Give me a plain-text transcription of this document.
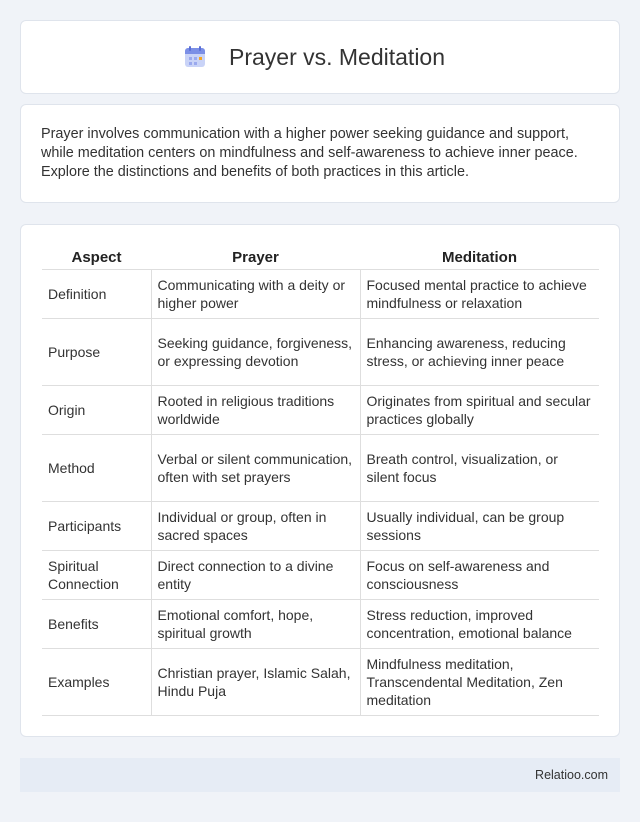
Prayer vs. Meditation

Prayer involves communication with a higher power seeking guidance and support, while meditation centers on mindfulness and self-awareness to achieve inner peace. Explore the distinctions and benefits of both practices in this article.

Aspect	Prayer	Meditation
Definition	Communicating with a deity or higher power	Focused mental practice to achieve mindfulness or relaxation
Purpose	Seeking guidance, forgiveness, or expressing devotion	Enhancing awareness, reducing stress, or achieving inner peace
Origin	Rooted in religious traditions worldwide	Originates from spiritual and secular practices globally
Method	Verbal or silent communication, often with set prayers	Breath control, visualization, or silent focus
Participants	Individual or group, often in sacred spaces	Usually individual, can be group sessions
Spiritual Connection	Direct connection to a divine entity	Focus on self-awareness and consciousness
Benefits	Emotional comfort, hope, spiritual growth	Stress reduction, improved concentration, emotional balance
Examples	Christian prayer, Islamic Salah, Hindu Puja	Mindfulness meditation, Transcendental Meditation, Zen meditation
Relatioo.com
